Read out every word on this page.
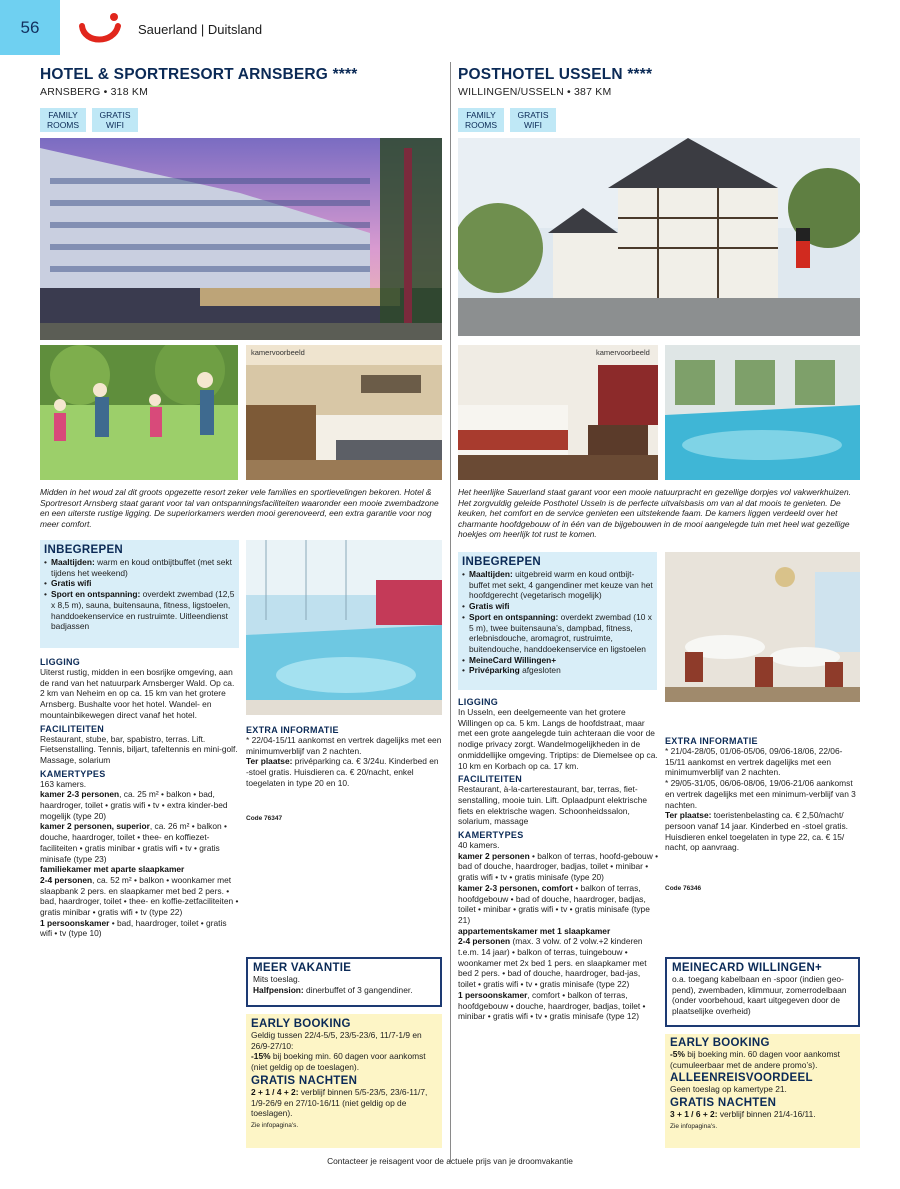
56	Sauerland | Duitsland
HOTEL & SPORTRESORT ARNSBERG ****
ARNSBERG • 318 KM
FAMILY ROOMS
GRATIS WIFI
kamervoorbeeld
Midden in het woud zal dit groots opgezette resort zeker vele families en sportievelingen bekoren. Hotel & Sportresort Arnsberg staat garant voor tal van ontspanningsfaciliteiten waaronder een mooie zwembadzone en een uiterste rustige ligging. De superiorkamers werden mooi gerenoveerd, een extra garantie voor nog meer comfort.
INBEGREPEN
• Maaltijden: warm en koud ontbijtbuffet (met sekt tijdens het weekend)
• Gratis wifi
• Sport en ontspanning: overdekt zwembad (12,5 x 8,5 m), sauna, buitensauna, fitness, ligstoelen, handdoekenservice en rustruimte. Uitleendienst badjassen
LIGGING
Uiterst rustig, midden in een bosrijke omgeving, aan de rand van het natuurpark Arnsberger Wald. Op ca. 2 km van Neheim en op ca. 15 km van het grotere Arnsberg. Bushalte voor het hotel. Wandel- en mountainbikewegen direct vanaf het hotel.
FACILITEITEN
Restaurant, stube, bar, spabistro, terras. Lift. Fietsenstalling. Tennis, biljart, tafeltennis en mini-golf. Massage, solarium
KAMERTYPES
163 kamers.
kamer 2-3 personen, ca. 25 m² • balkon • bad, haardroger, toilet • gratis wifi • tv • extra kinder-bed mogelijk (type 20)
kamer 2 personen, superior, ca. 26 m² • balkon • douche, haardroger, toilet • thee- en koffiezet-faciliteiten • gratis minibar • gratis wifi • tv • gratis minisafe (type 23)
familiekamer met aparte slaapkamer
2-4 personen, ca. 52 m² • balkon • woonkamer met slaapbank 2 pers. en slaapkamer met bed 2 pers. • bad, haardroger, toilet • thee- en koffie-zetfaciliteiten • gratis minibar • gratis wifi • tv (type 22)
1 persoonskamer • bad, haardroger, toilet • gratis wifi • tv (type 10)
EXTRA INFORMATIE
* 22/04-15/11 aankomst en vertrek dagelijks met een minimumverblijf van 2 nachten.
Ter plaatse: privéparking ca. € 3/24u. Kinderbed en -stoel gratis. Huisdieren ca. € 20/nacht, enkel toegelaten in type 20 en 10.
Code 76347
MEER VAKANTIE
Mits toeslag.
Halfpension: dinerbuffet of 3 gangendiner.
EARLY BOOKING
Geldig tussen 22/4-5/5, 23/5-23/6, 11/7-1/9 en 26/9-27/10:
-15% bij boeking min. 60 dagen voor aankomst (niet geldig op de toeslagen).
GRATIS NACHTEN
2 + 1 / 4 + 2: verblijf binnen 5/5-23/5, 23/6-11/7, 1/9-26/9 en 27/10-16/11 (niet geldig op de toeslagen).
Zie infopagina's.
POSTHOTEL USSELN ****
WILLINGEN/USSELN • 387 KM
FAMILY ROOMS
GRATIS WIFI
kamervoorbeeld
Het heerlijke Sauerland staat garant voor een mooie natuurpracht en gezellige dorpjes vol vakwerkhuizen. Het zorgvuldig geleide Posthotel Usseln is de perfecte uitvalsbasis om van al dat moois te genieten. De keuken, het comfort en de service genieten een uitstekende faam. De kamers liggen verdeeld over het charmante hoofdgebouw of in één van de bijgebouwen in de mooi aangelegde tuin met heel wat gezellige hoekjes om heerlijk tot rust te komen.
INBEGREPEN
• Maaltijden: uitgebreid warm en koud ontbijt-buffet met sekt, 4 gangendiner met keuze van het hoofdgerecht (vegetarisch mogelijk)
• Gratis wifi
• Sport en ontspanning: overdekt zwembad (10 x 5 m), twee buitensauna’s, dampbad, fitness, erlebnisdouche, aromagrot, rustruimte, buitendouche, handdoekenservice en ligstoelen
• MeineCard Willingen+
• Privéparking afgesloten
LIGGING
In Usseln, een deelgemeente van het grotere Willingen op ca. 5 km. Langs de hoofdstraat, maar met een grote aangelegde tuin achteraan die voor de nodige privacy zorgt. Wandelmogelijkheden in de onmiddellijke omgeving. Triptips: de Diemelsee op ca. 10 km en Korbach op ca. 17 km.
FACILITEITEN
Restaurant, à-la-carterestaurant, bar, terras, fiet-senstalling, mooie tuin. Lift. Oplaadpunt elektrische fiets en elektrische wagen. Schoonheidssalon, solarium, massage
KAMERTYPES
40 kamers.
kamer 2 personen • balkon of terras, hoofd-gebouw • bad of douche, haardroger, badjas, toilet • minibar • gratis wifi • tv • gratis minisafe (type 20)
kamer 2-3 personen, comfort • balkon of terras, hoofdgebouw • bad of douche, haardroger, badjas, toilet • minibar • gratis wifi • tv • gratis minisafe (type 21)
appartementskamer met 1 slaapkamer
2-4 personen (max. 3 volw. of 2 volw.+2 kinderen t.e.m. 14 jaar) • balkon of terras, tuingebouw • woonkamer met 2x bed 1 pers. en slaapkamer met bed 2 pers. • bad of douche, haardroger, bad-jas, toilet • gratis wifi • tv • gratis minisafe (type 22)
1 persoonskamer, comfort • balkon of terras, hoofdgebouw • douche, haardroger, badjas, toilet • minibar • gratis wifi • tv • gratis minisafe (type 12)
EXTRA INFORMATIE
* 21/04-28/05, 01/06-05/06, 09/06-18/06, 22/06-15/11 aankomst en vertrek dagelijks met een minimumverblijf van 2 nachten.
* 29/05-31/05, 06/06-08/06, 19/06-21/06 aankomst en vertrek dagelijks met een minimum-verblijf van 3 nachten.
Ter plaatse: toeristenbelasting ca. € 2,50/nacht/ persoon vanaf 14 jaar. Kinderbed en -stoel gratis. Huisdieren enkel toegelaten in type 22, ca. € 15/ nacht, op aanvraag.
Code 76346
MEINECARD WILLINGEN+
o.a. toegang kabelbaan en -spoor (indien geo-pend), zwembaden, klimmuur, zomerrodelbaan (onder voorbehoud, kaart uitgegeven door de plaatselijke overheid)
EARLY BOOKING
-5% bij boeking min. 60 dagen voor aankomst (cumuleerbaar met de andere promo’s).
ALLEENREISVOORDEEL
Geen toeslag op kamertype 21.
GRATIS NACHTEN
3 + 1 / 6 + 2: verblijf binnen 21/4-16/11.
Zie infopagina's.
Contacteer je reisagent voor de actuele prijs van je droomvakantie
